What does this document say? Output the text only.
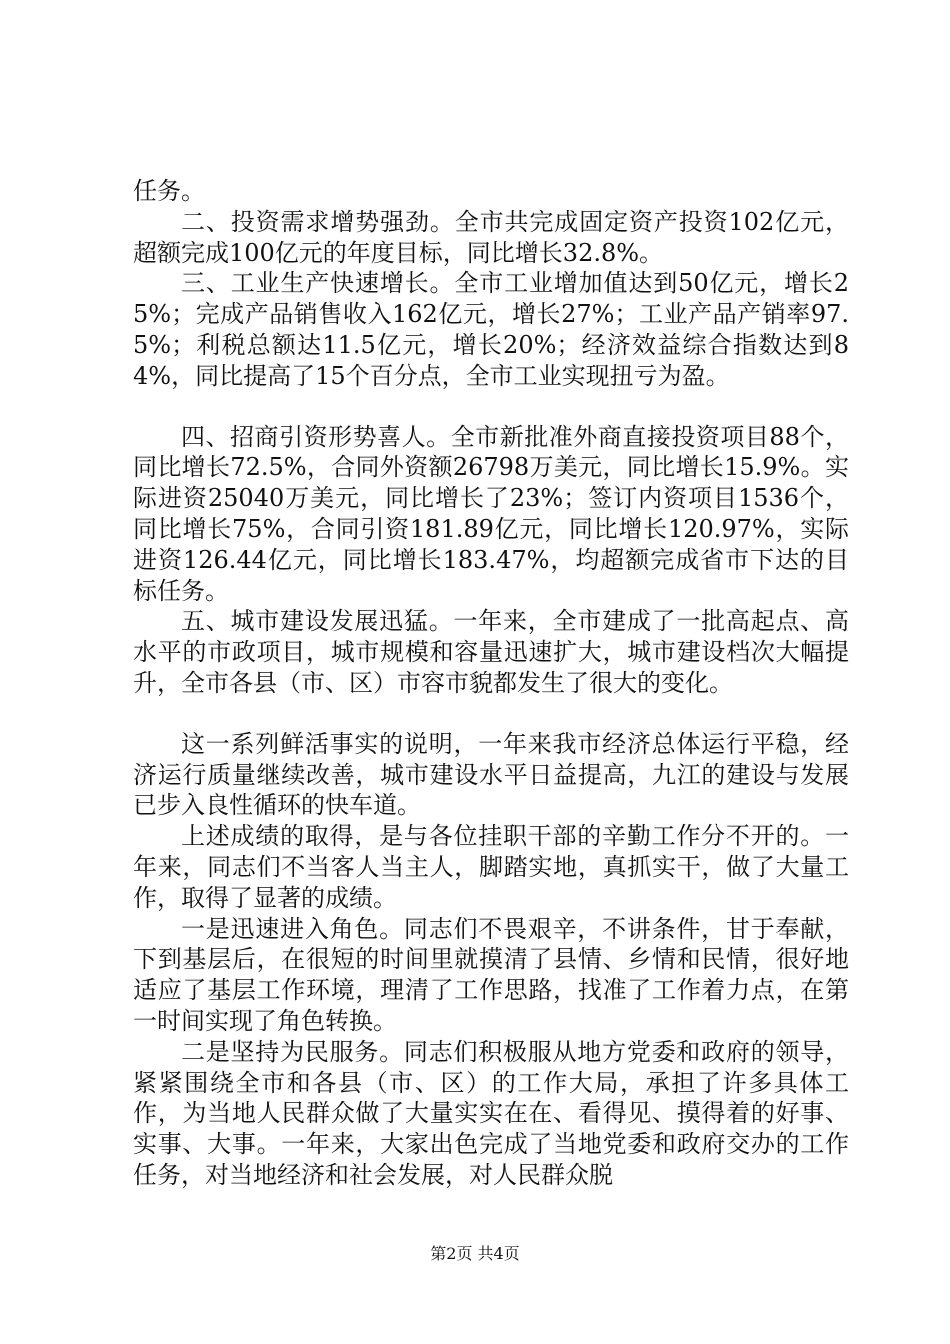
任务。

二、投资需求增势强劲。全市共完成固定资产投资102亿元，超额完成100亿元的年度目标，同比增长32.8%。

三、工业生产快速增长。全市工业增加值达到50亿元，增长25%；完成产品销售收入162亿元，增长27%；工业产品产销率97.5%；利税总额达11.5亿元，增长20%；经济效益综合指数达到84%，同比提高了15个百分点，全市工业实现扭亏为盈。

四、招商引资形势喜人。全市新批准外商直接投资项目88个，同比增长72.5%，合同外资额26798万美元，同比增长15.9%。实际进资25040万美元，同比增长了23%；签订内资项目1536个，同比增长75%，合同引资181.89亿元，同比增长120.97%，实际进资126.44亿元，同比增长183.47%，均超额完成省市下达的目标任务。

五、城市建设发展迅猛。一年来，全市建成了一批高起点、高水平的市政项目，城市规模和容量迅速扩大，城市建设档次大幅提升，全市各县（市、区）市容市貌都发生了很大的变化。

这一系列鲜活事实的说明，一年来我市经济总体运行平稳，经济运行质量继续改善，城市建设水平日益提高，九江的建设与发展已步入良性循环的快车道。

上述成绩的取得，是与各位挂职干部的辛勤工作分不开的。一年来，同志们不当客人当主人，脚踏实地，真抓实干，做了大量工作，取得了显著的成绩。

一是迅速进入角色。同志们不畏艰辛，不讲条件，甘于奉献，下到基层后，在很短的时间里就摸清了县情、乡情和民情，很好地适应了基层工作环境，理清了工作思路，找准了工作着力点，在第一时间实现了角色转换。

二是坚持为民服务。同志们积极服从地方党委和政府的领导，紧紧围绕全市和各县（市、区）的工作大局，承担了许多具体工作，为当地人民群众做了大量实实在在、看得见、摸得着的好事、实事、大事。一年来，大家出色完成了当地党委和政府交办的工作任务，对当地经济和社会发展，对人民群众脱

第2页 共4页
